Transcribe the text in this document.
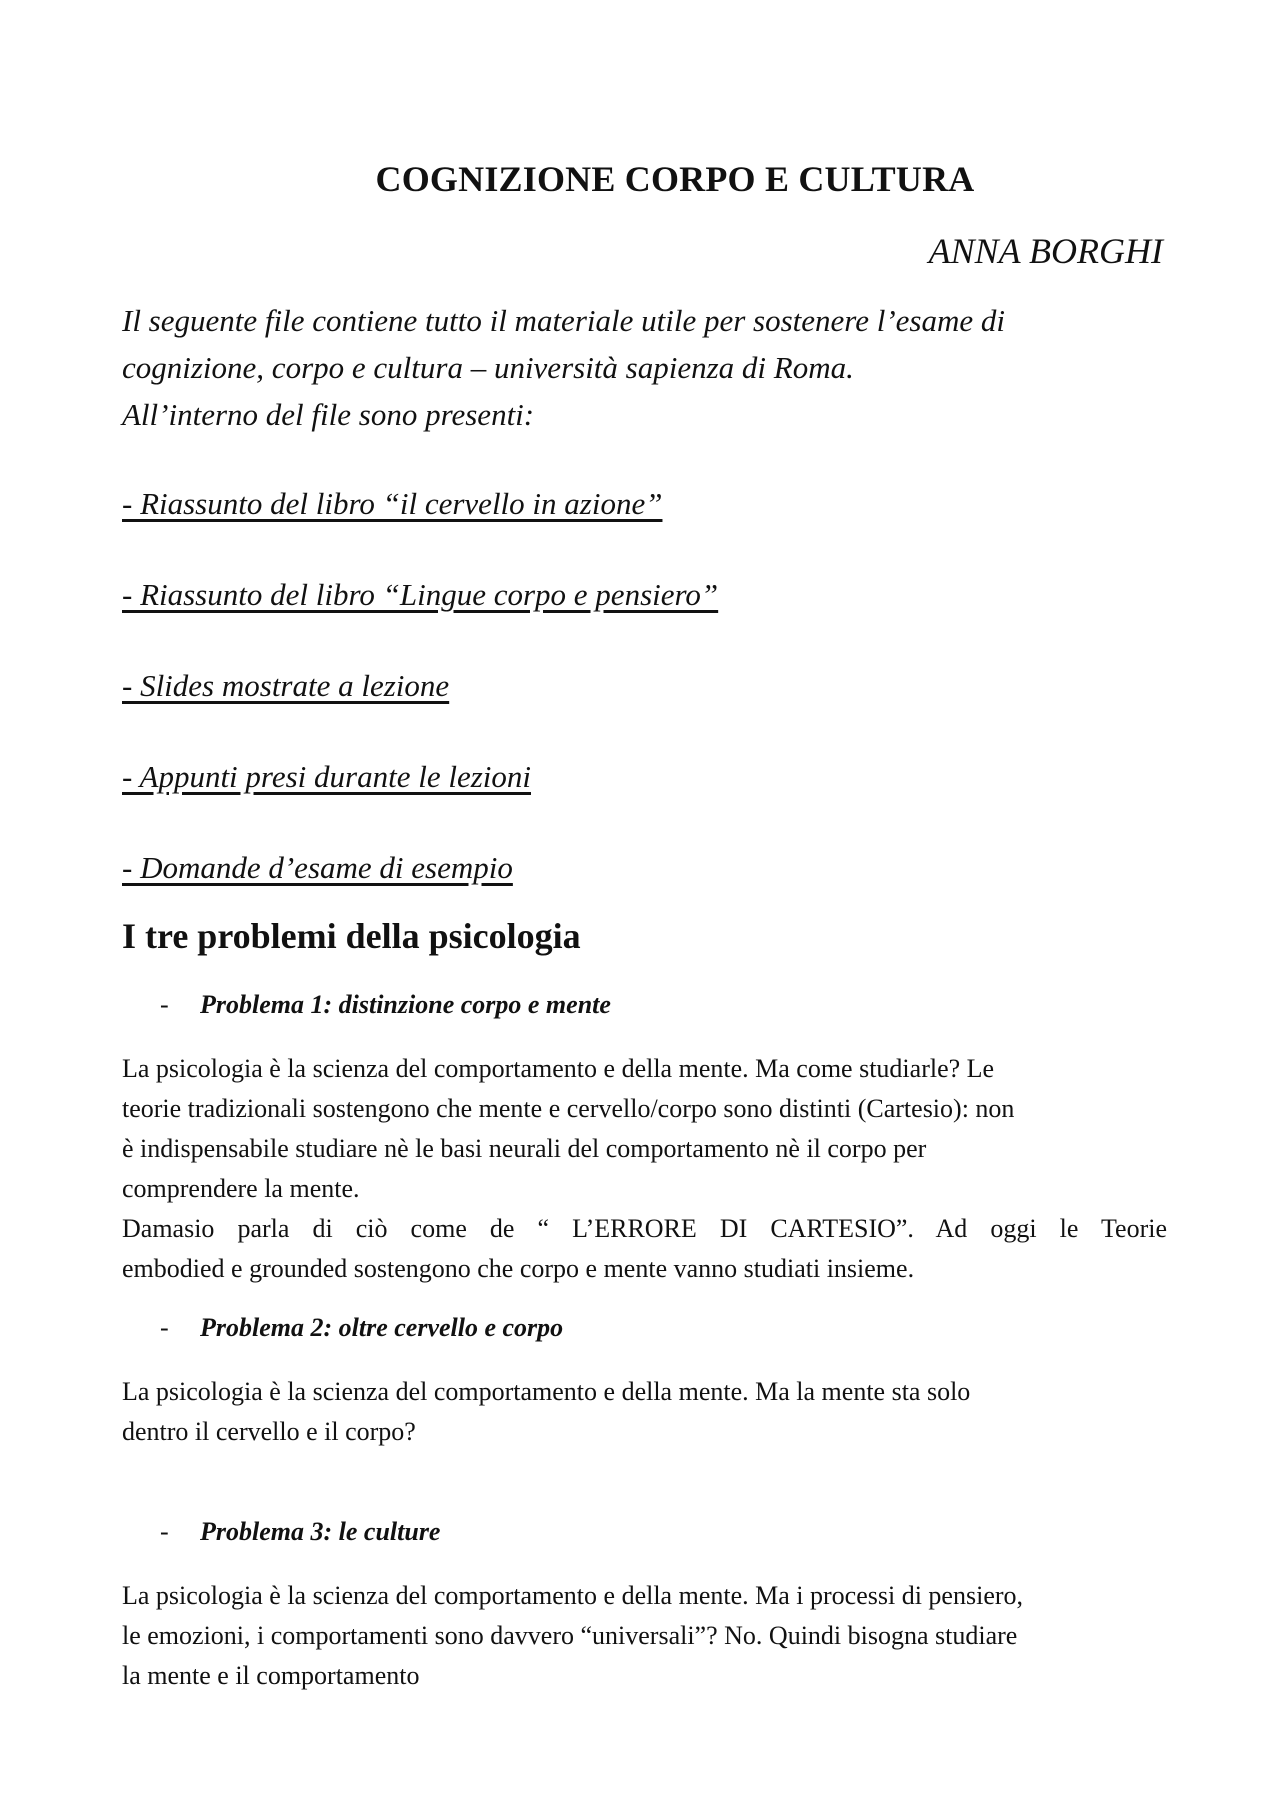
COGNIZIONE CORPO E CULTURA

ANNA BORGHI

Il seguente file contiene tutto il materiale utile per sostenere l’esame di
cognizione, corpo e cultura – università sapienza di Roma.
All’interno del file sono presenti:

- Riassunto del libro “il cervello in azione”
- Riassunto del libro “Lingue corpo e pensiero”
- Slides mostrate a lezione
- Appunti presi durante le lezioni
- Domande d’esame di esempio
I tre problemi della psicologia

- Problema 1: distinzione corpo e mente

La psicologia è la scienza del comportamento e della mente. Ma come studiarle? Le
teorie tradizionali sostengono che mente e cervello/corpo sono distinti (Cartesio): non
è indispensabile studiare nè le basi neurali del comportamento nè il corpo per
comprendere la mente.
Damasio parla di ciò come de “ L’ERRORE DI CARTESIO”. Ad oggi le Teorie
embodied e grounded sostengono che corpo e mente vanno studiati insieme.

- Problema 2: oltre cervello e corpo

La psicologia è la scienza del comportamento e della mente. Ma la mente sta solo
dentro il cervello e il corpo?

- Problema 3: le culture

La psicologia è la scienza del comportamento e della mente. Ma i processi di pensiero,
le emozioni, i comportamenti sono davvero “universali”? No. Quindi bisogna studiare
la mente e il comportamento
